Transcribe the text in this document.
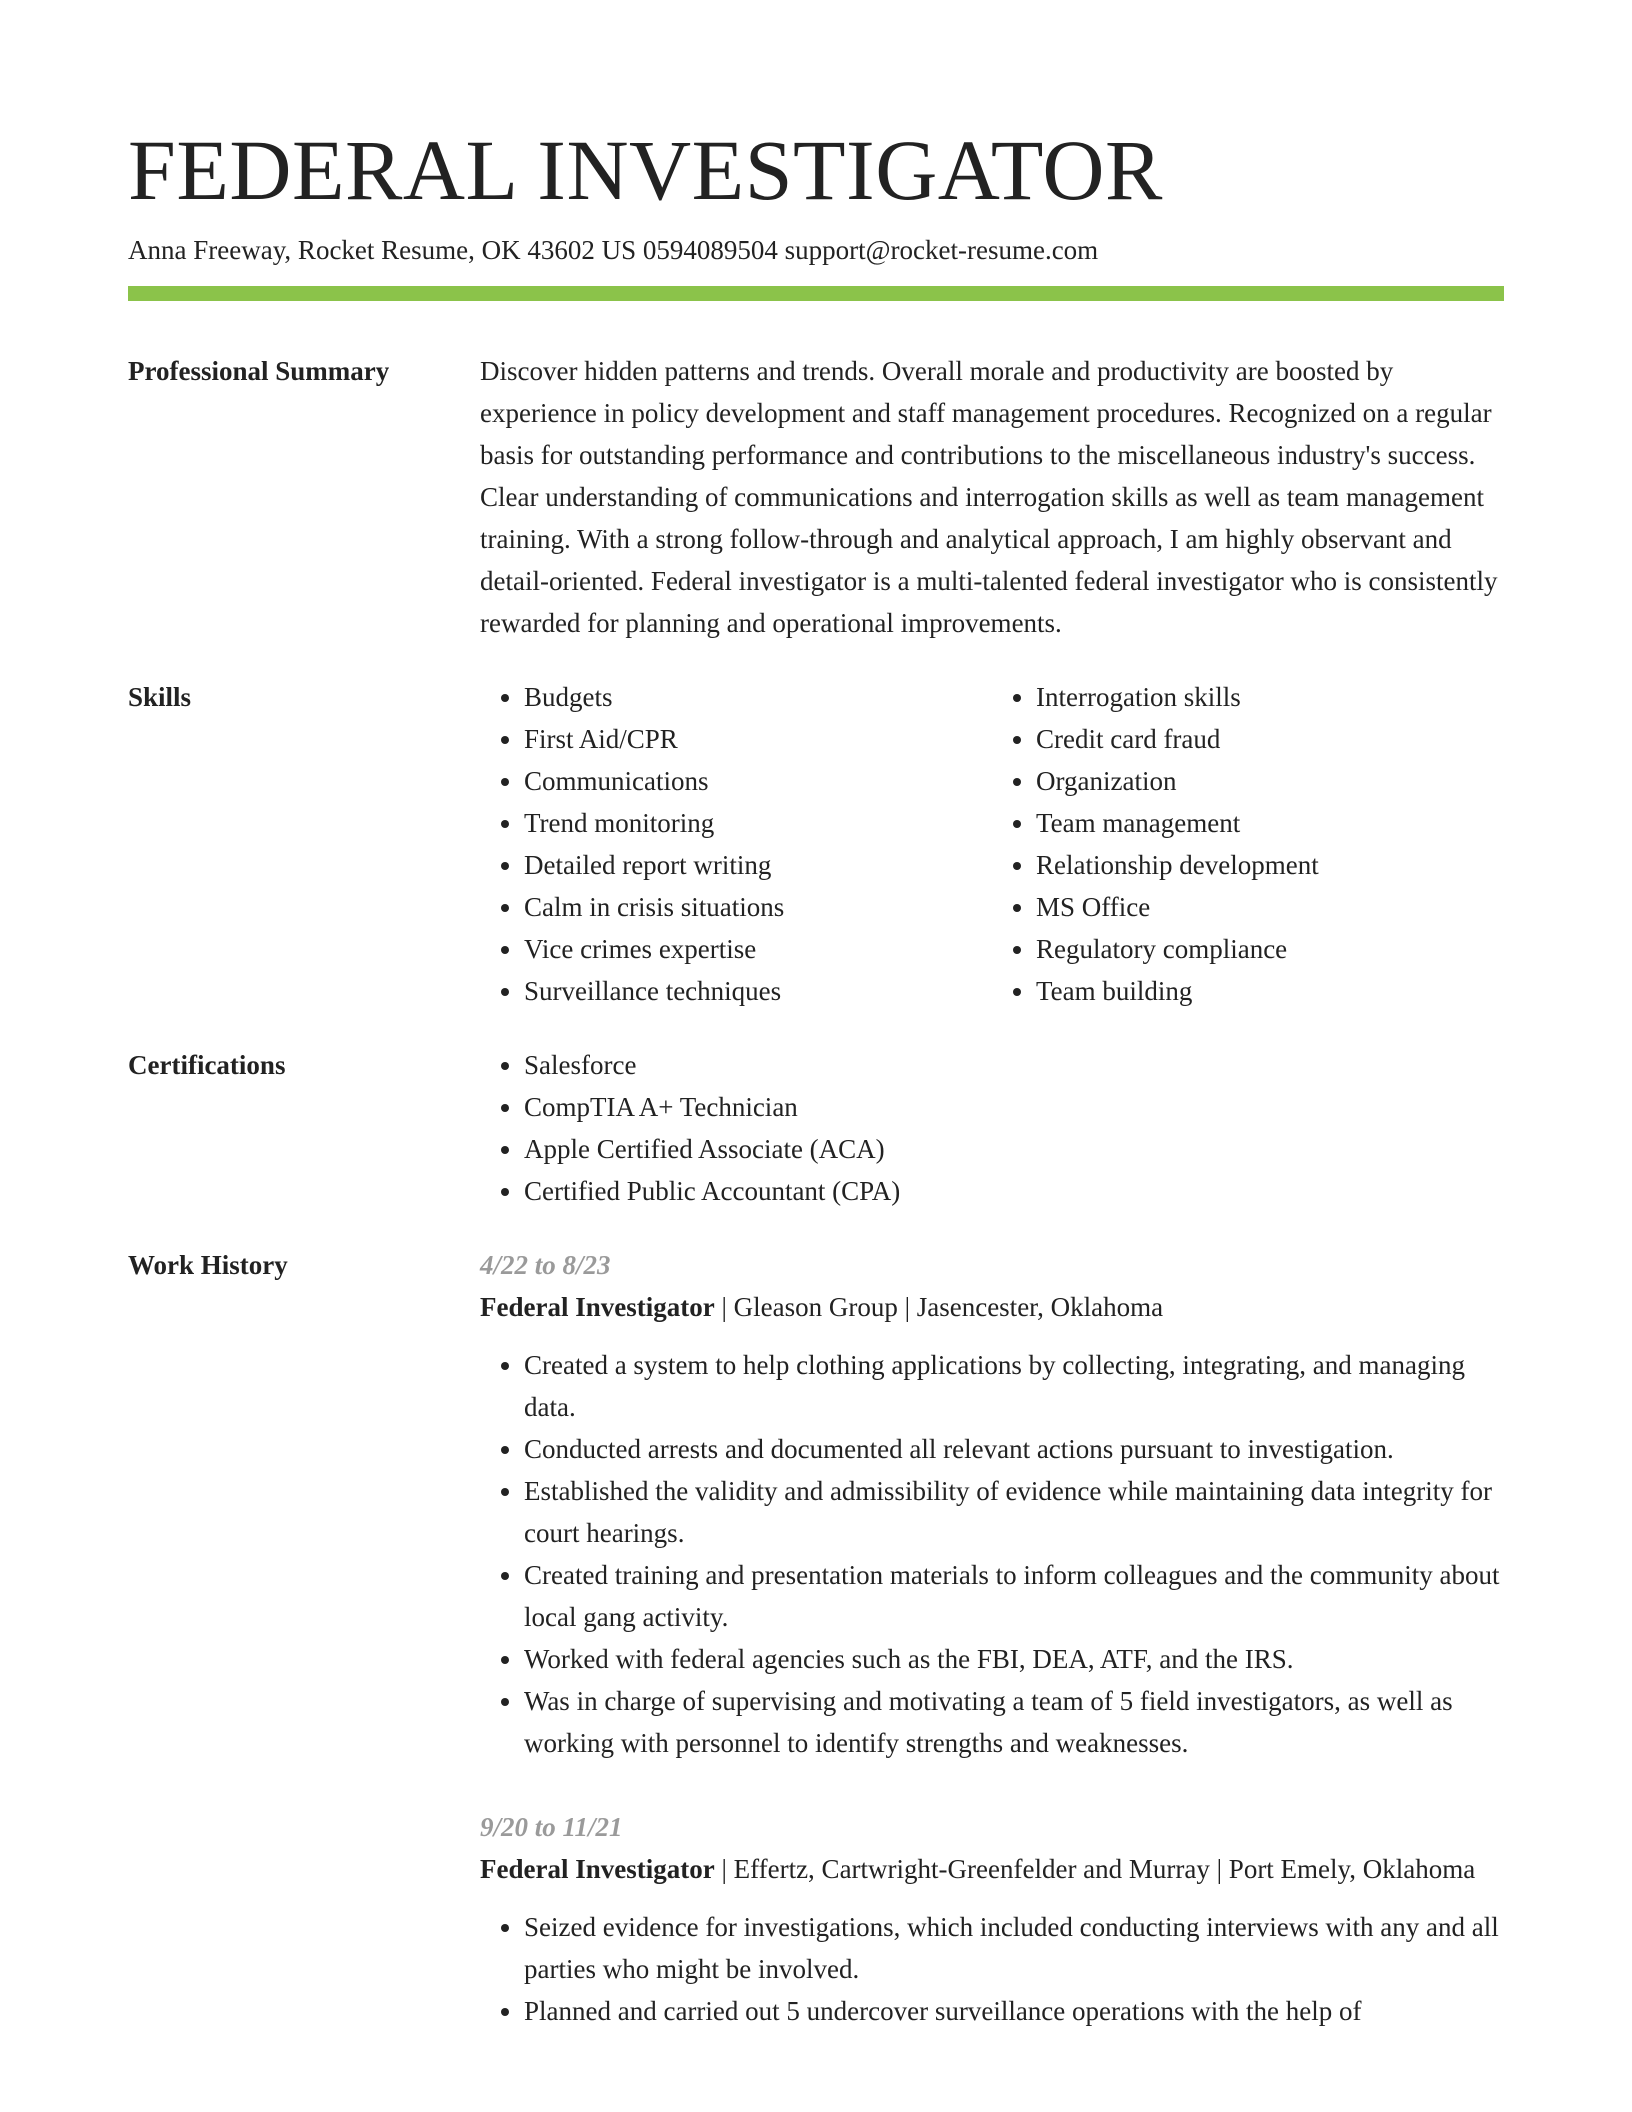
FEDERAL INVESTIGATOR
Anna Freeway, Rocket Resume, OK 43602 US 0594089504 support@rocket-resume.com
Professional Summary	Discover hidden patterns and trends. Overall morale and productivity are boosted by experience in policy development and staff management procedures. Recognized on a regular basis for outstanding performance and contributions to the miscellaneous industry's success. Clear understanding of communications and interrogation skills as well as team management training. With a strong follow-through and analytical approach, I am highly observant and detail-oriented. Federal investigator is a multi-talented federal investigator who is consistently rewarded for planning and operational improvements.

Skills	• Budgets
• First Aid/CPR
• Communications
• Trend monitoring
• Detailed report writing
• Calm in crisis situations
• Vice crimes expertise
• Surveillance techniques
• Interrogation skills
• Credit card fraud
• Organization
• Team management
• Relationship development
• MS Office
• Regulatory compliance
• Team building
Certifications	• Salesforce
• CompTIA A+ Technician
• Apple Certified Associate (ACA)
• Certified Public Accountant (CPA)
Work History	4/22 to 8/23
Federal Investigator | Gleason Group | Jasencester, Oklahoma
• Created a system to help clothing applications by collecting, integrating, and managing data.
• Conducted arrests and documented all relevant actions pursuant to investigation.
• Established the validity and admissibility of evidence while maintaining data integrity for court hearings.
• Created training and presentation materials to inform colleagues and the community about local gang activity.
• Worked with federal agencies such as the FBI, DEA, ATF, and the IRS.
• Was in charge of supervising and motivating a team of 5 field investigators, as well as working with personnel to identify strengths and weaknesses.
9/20 to 11/21
Federal Investigator | Effertz, Cartwright-Greenfelder and Murray | Port Emely, Oklahoma
• Seized evidence for investigations, which included conducting interviews with any and all parties who might be involved.
• Planned and carried out 5 undercover surveillance operations with the help of
